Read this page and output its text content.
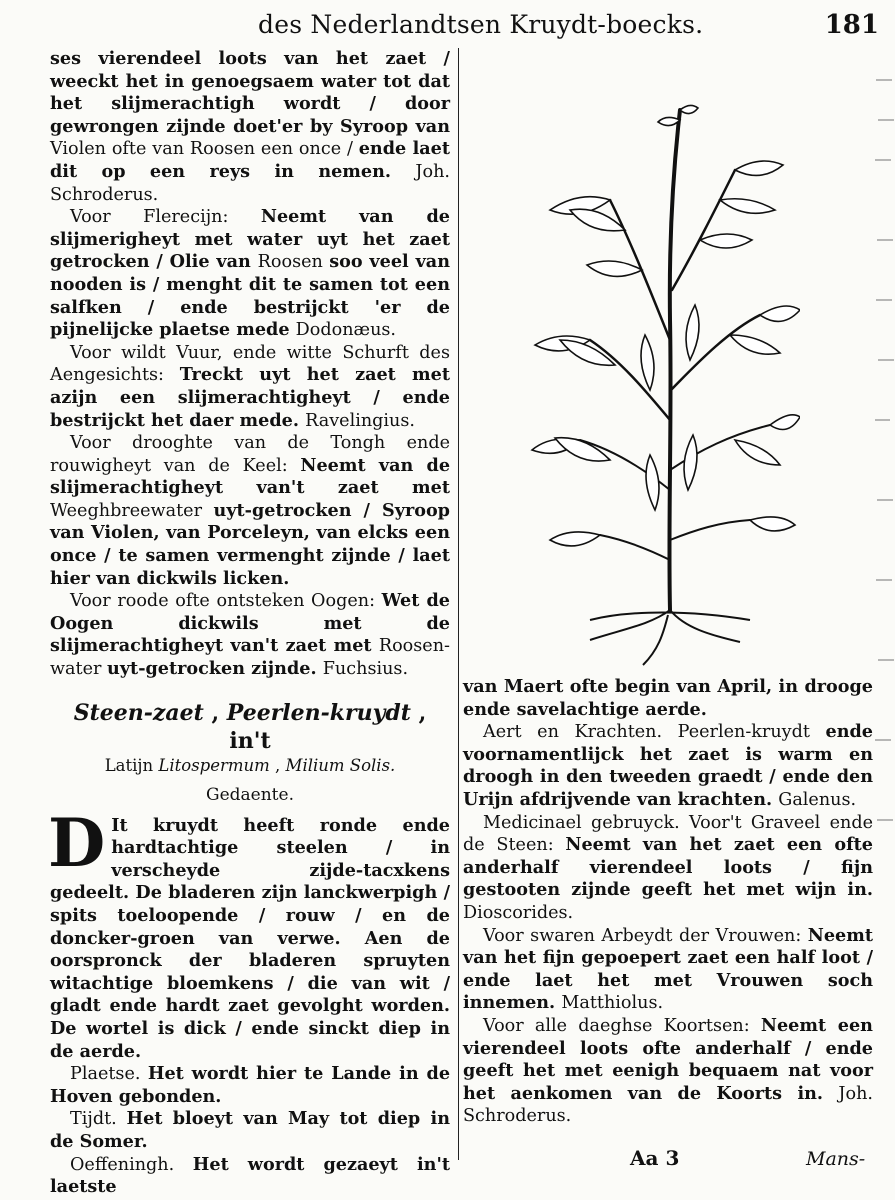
des Nederlandtsen Kruydt-boecks.	181

ses vierendeel loots van het zaet / weeckt het in genoegsaem water tot dat het slijmerachtigh wordt / door gewrongen zijnde doet'er by Syroop van Violen ofte van Roosen een once / ende laet dit op een reys in nemen. Joh. Schroderus.

Voor Flerecijn: Neemt van de slijmerigheyt met water uyt het zaet getrocken / Olie van Roosen soo veel van nooden is / menght dit te samen tot een salfken / ende bestrijckt 'er de pijnelijcke plaetse mede Dodonæus.

Voor wildt Vuur, ende witte Schurft des Aengesichts: Treckt uyt het zaet met azijn een slijmerachtigheyt / ende bestrijckt het daer mede. Ravelingius.

Voor drooghte van de Tongh ende rouwigheyt van de Keel: Neemt van de slijmerachtigheyt van't zaet met Weeghbreewater uyt-getrocken / Syroop van Violen, van Porceleyn, van elcks een once / te samen vermenght zijnde / laet hier van dickwils licken.

Voor roode ofte ontsteken Oogen: Wet de Oogen dickwils met de slijmerachtigheyt van't zaet met Roosen-water uyt-getrocken zijnde. Fuchsius.

Steen-zaet , Peerlen-kruydt , in't
Latijn Litospermum , Milium Solis.
Gedaente.

D It kruydt heeft ronde ende hardtachtige steelen / in verscheyde zijde-tacxkens gedeelt. De bladeren zijn lanckwerpigh / spits toeloopende / rouw / en de doncker-groen van verwe. Aen de oorspronck der bladeren spruyten witachtige bloemkens / die van wit / gladt ende hardt zaet gevolght worden. De wortel is dick / ende sinckt diep in de aerde.

Plaetse. Het wordt hier te Lande in de Hoven gebonden.

Tijdt. Het bloeyt van May tot diep in de Somer.

Oeffeningh. Het wordt gezaeyt in't laetste

van Maert ofte begin van April, in drooge ende savelachtige aerde.

Aert en Krachten. Peerlen-kruydt ende voornamentlijck het zaet is warm en droogh in den tweeden graedt / ende den Urijn afdrijvende van krachten. Galenus.

Medicinael gebruyck. Voor't Graveel ende de Steen: Neemt van het zaet een ofte anderhalf vierendeel loots / fijn gestooten zijnde geeft het met wijn in. Dioscorides.

Voor swaren Arbeydt der Vrouwen: Neemt van het fijn gepoepert zaet een half loot / ende laet het met Vrouwen soch innemen. Matthiolus.

Voor alle daeghse Koortsen: Neemt een vierendeel loots ofte anderhalf / ende geeft het met eenigh bequaem nat voor het aenkomen van de Koorts in. Joh. Schroderus.

Aa 3	Mans-
